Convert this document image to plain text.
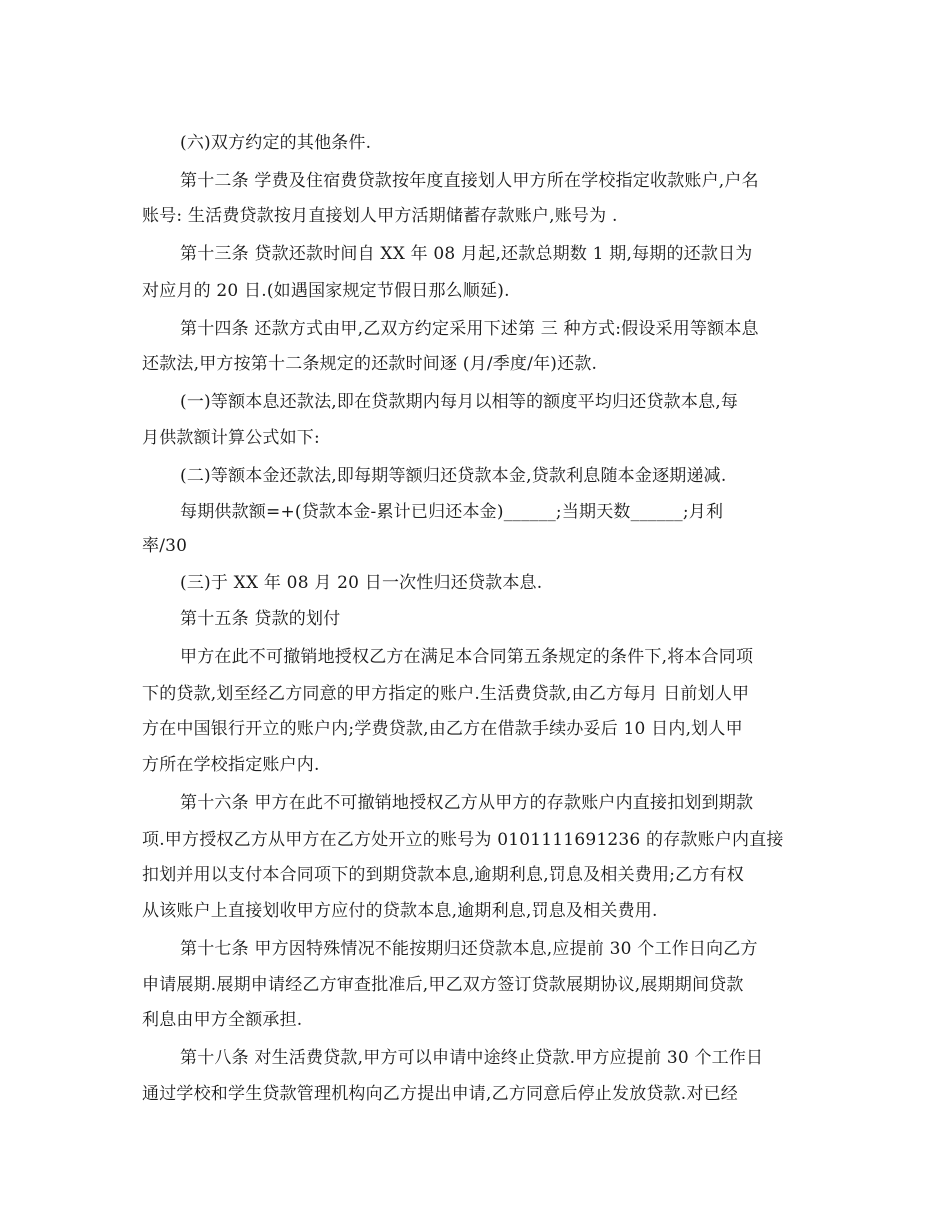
(六)双方约定的其他条件.
第十二条 学费及住宿费贷款按年度直接划人甲方所在学校指定收款账户,户名
账号: 生活费贷款按月直接划人甲方活期储蓄存款账户,账号为 .
第十三条 贷款还款时间自 XX 年 08 月起,还款总期数 1 期,每期的还款日为
对应月的 20 日.(如遇国家规定节假日那么顺延).
第十四条 还款方式由甲,乙双方约定采用下述第 三 种方式:假设采用等额本息
还款法,甲方按第十二条规定的还款时间逐 (月/季度/年)还款.
(一)等额本息还款法,即在贷款期内每月以相等的额度平均归还贷款本息,每
月供款额计算公式如下:
(二)等额本金还款法,即每期等额归还贷款本金,贷款利息随本金逐期递减.
每期供款额=+(贷款本金-累计已归还本金)______;当期天数______;月利
率/30
(三)于 XX 年 08 月 20 日一次性归还贷款本息.
第十五条 贷款的划付
甲方在此不可撤销地授权乙方在满足本合同第五条规定的条件下,将本合同项
下的贷款,划至经乙方同意的甲方指定的账户.生活费贷款,由乙方每月 日前划人甲
方在中国银行开立的账户内;学费贷款,由乙方在借款手续办妥后 10 日内,划人甲
方所在学校指定账户内.
第十六条 甲方在此不可撤销地授权乙方从甲方的存款账户内直接扣划到期款
项.甲方授权乙方从甲方在乙方处开立的账号为 0101111691236 的存款账户内直接
扣划并用以支付本合同项下的到期贷款本息,逾期利息,罚息及相关费用;乙方有权
从该账户上直接划收甲方应付的贷款本息,逾期利息,罚息及相关费用.
第十七条 甲方因特殊情况不能按期归还贷款本息,应提前 30 个工作日向乙方
申请展期.展期申请经乙方审查批准后,甲乙双方签订贷款展期协议,展期期间贷款
利息由甲方全额承担.
第十八条 对生活费贷款,甲方可以申请中途终止贷款.甲方应提前 30 个工作日
通过学校和学生贷款管理机构向乙方提出申请,乙方同意后停止发放贷款.对已经
